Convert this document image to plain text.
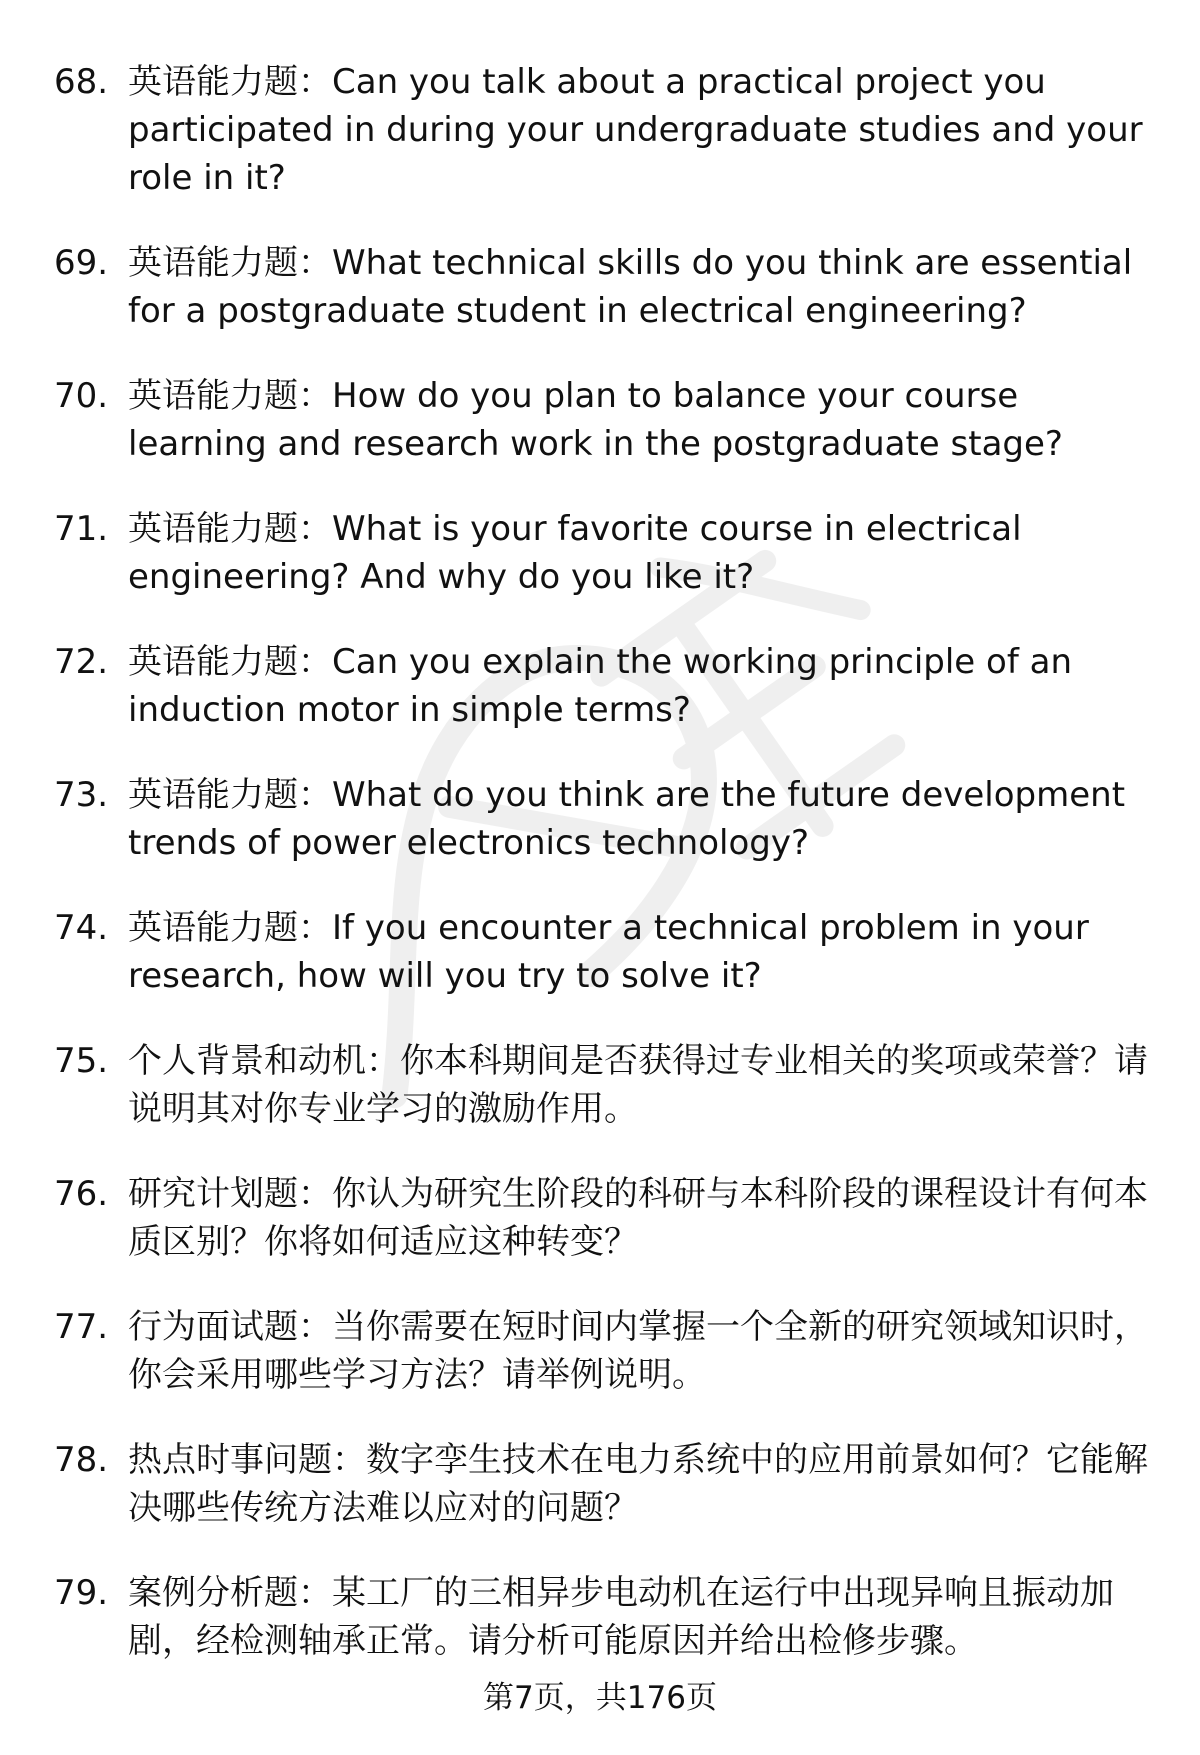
68. 英语能力题：Can you talk about a practical project you participated in during your undergraduate studies and your role in it?
69. 英语能力题：What technical skills do you think are essential for a postgraduate student in electrical engineering?
70. 英语能力题：How do you plan to balance your course learning and research work in the postgraduate stage?
71. 英语能力题：What is your favorite course in electrical engineering? And why do you like it?
72. 英语能力题：Can you explain the working principle of an induction motor in simple terms?
73. 英语能力题：What do you think are the future development trends of power electronics technology?
74. 英语能力题：If you encounter a technical problem in your research, how will you try to solve it?
75. 个人背景和动机：你本科期间是否获得过专业相关的奖项或荣誉？请说明其对你专业学习的激励作用。
76. 研究计划题：你认为研究生阶段的科研与本科阶段的课程设计有何本质区别？你将如何适应这种转变？
77. 行为面试题：当你需要在短时间内掌握一个全新的研究领域知识时，你会采用哪些学习方法？请举例说明。
78. 热点时事问题：数字孪生技术在电力系统中的应用前景如何？它能解决哪些传统方法难以应对的问题？
79. 案例分析题：某工厂的三相异步电动机在运行中出现异响且振动加剧，经检测轴承正常。请分析可能原因并给出检修步骤。
第7页，共176页
